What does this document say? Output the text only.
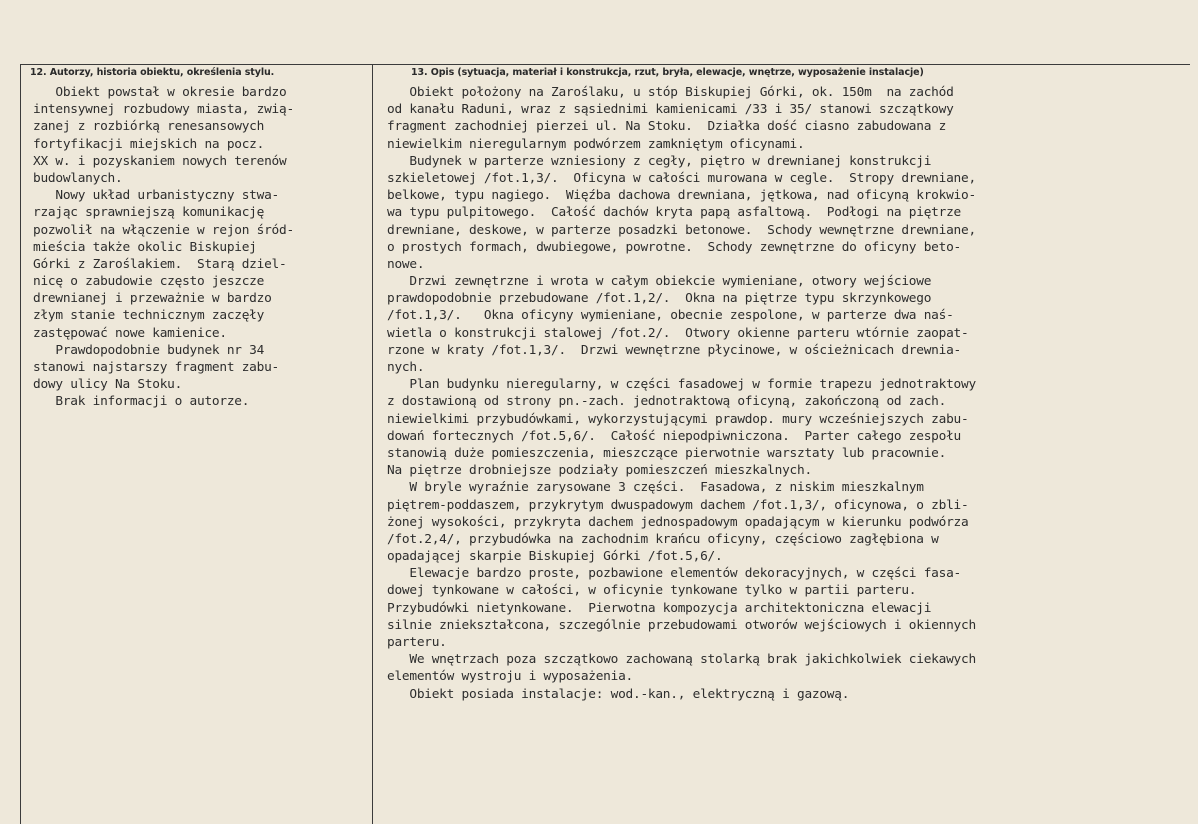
12. Autorzy, historia obiektu, określenia stylu.	13. Opis (sytuacja, materiał i konstrukcja, rzut, bryła, elewacje, wnętrze, wyposażenie instalacje)
Obiekt powstał w okresie bardzo
intensywnej rozbudowy miasta, zwią-
zanej z rozbiórką renesansowych
fortyfikacji miejskich na pocz.
XX w. i pozyskaniem nowych terenów
budowlanych.
Nowy układ urbanistyczny stwa-
rzając sprawniejszą komunikację
pozwolił na włączenie w rejon śród-
mieścia także okolic Biskupiej
Górki z Zaroślakiem.  Starą dziel-
nicę o zabudowie często jeszcze
drewnianej i przeważnie w bardzo
złym stanie technicznym zaczęły
zastępować nowe kamienice.
Prawdopodobnie budynek nr 34
stanowi najstarszy fragment zabu-
dowy ulicy Na Stoku.
Brak informacji o autorze.
Obiekt położony na Zaroślaku, u stóp Biskupiej Górki, ok. 150m  na zachód
od kanału Raduni, wraz z sąsiednimi kamienicami /33 i 35/ stanowi szczątkowy
fragment zachodniej pierzei ul. Na Stoku.  Działka dość ciasno zabudowana z
niewielkim nieregularnym podwórzem zamkniętym oficynami.
Budynek w parterze wzniesiony z cegły, piętro w drewnianej konstrukcji
szkieletowej /fot.1,3/.  Oficyna w całości murowana w cegle.  Stropy drewniane,
belkowe, typu nagiego.  Więźba dachowa drewniana, jętkowa, nad oficyną krokwio-
wa typu pulpitowego.  Całość dachów kryta papą asfaltową.  Podłogi na piętrze
drewniane, deskowe, w parterze posadzki betonowe.  Schody wewnętrzne drewniane,
o prostych formach, dwubiegowe, powrotne.  Schody zewnętrzne do oficyny beto-
nowe.
Drzwi zewnętrzne i wrota w całym obiekcie wymieniane, otwory wejściowe
prawdopodobnie przebudowane /fot.1,2/.  Okna na piętrze typu skrzynkowego
/fot.1,3/.   Okna oficyny wymieniane, obecnie zespolone, w parterze dwa naś-
wietla o konstrukcji stalowej /fot.2/.  Otwory okienne parteru wtórnie zaopat-
rzone w kraty /fot.1,3/.  Drzwi wewnętrzne płycinowe, w ościeżnicach drewnia-
nych.
Plan budynku nieregularny, w części fasadowej w formie trapezu jednotraktowy
z dostawioną od strony pn.-zach. jednotraktową oficyną, zakończoną od zach.
niewielkimi przybudówkami, wykorzystującymi prawdop. mury wcześniejszych zabu-
dowań fortecznych /fot.5,6/.  Całość niepodpiwniczona.  Parter całego zespołu
stanowią duże pomieszczenia, mieszczące pierwotnie warsztaty lub pracownie.
Na piętrze drobniejsze podziały pomieszczeń mieszkalnych.
W bryle wyraźnie zarysowane 3 części.  Fasadowa, z niskim mieszkalnym
piętrem-poddaszem, przykrytym dwuspadowym dachem /fot.1,3/, oficynowa, o zbli-
żonej wysokości, przykryta dachem jednospadowym opadającym w kierunku podwórza
/fot.2,4/, przybudówka na zachodnim krańcu oficyny, częściowo zagłębiona w
opadającej skarpie Biskupiej Górki /fot.5,6/.
Elewacje bardzo proste, pozbawione elementów dekoracyjnych, w części fasa-
dowej tynkowane w całości, w oficynie tynkowane tylko w partii parteru.
Przybudówki nietynkowane.  Pierwotna kompozycja architektoniczna elewacji
silnie zniekształcona, szczególnie przebudowami otworów wejściowych i okiennych
parteru.
We wnętrzach poza szczątkowo zachowaną stolarką brak jakichkolwiek ciekawych
elementów wystroju i wyposażenia.
Obiekt posiada instalacje: wod.-kan., elektryczną i gazową.
